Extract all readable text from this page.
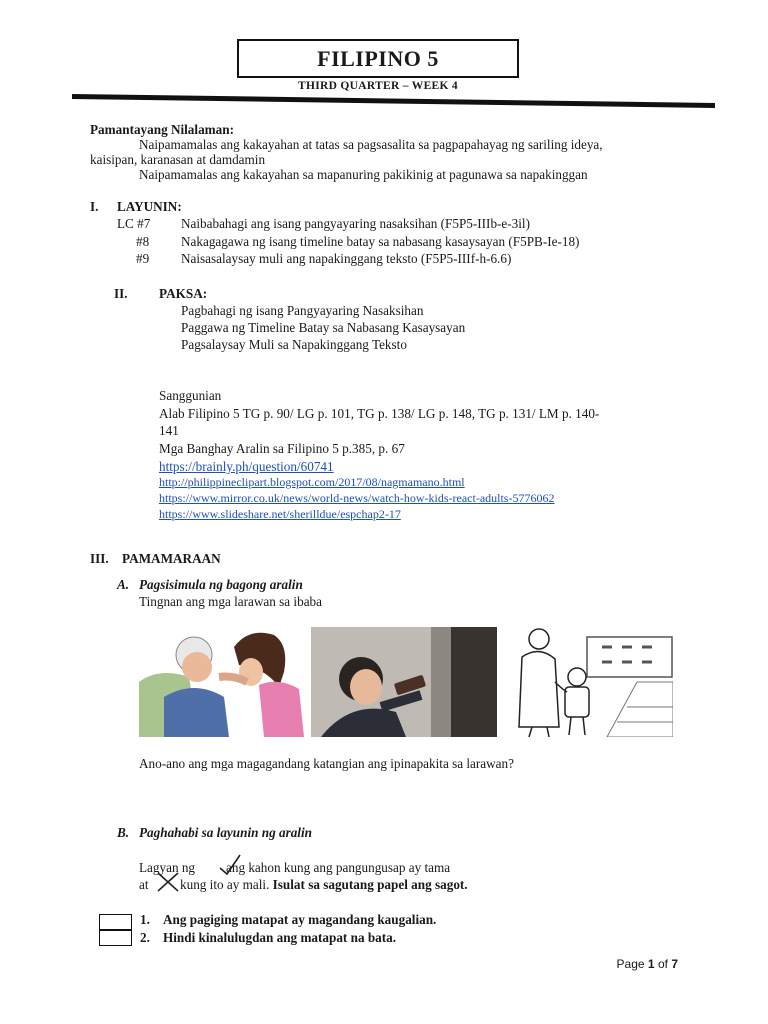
FILIPINO 5
THIRD QUARTER – WEEK 4
Pamantayang Nilalaman:
Naipamamalas ang kakayahan at tatas sa pagsasalita sa pagpapahayag ng sariling ideya,
kaisipan, karanasan at damdamin
Naipamamalas ang kakayahan sa mapanuring pakikinig at pagunawa sa napakinggan
I. LAYUNIN:
LC #7 Naibabahagi ang isang pangyayaring nasaksihan (F5P5-IIIb-e-3il)
#8 Nakagagawa ng isang timeline batay sa nabasang kasaysayan (F5PB-Ie-18)
#9 Naisasalaysay muli ang napakinggang teksto (F5P5-IIIf-h-6.6)
II. PAKSA:
Pagbahagi ng isang Pangyayaring Nasaksihan
Paggawa ng Timeline Batay sa Nabasang Kasaysayan
Pagsalaysay Muli sa Napakinggang Teksto
Sanggunian
Alab Filipino 5 TG p. 90/ LG p. 101, TG p. 138/ LG p. 148, TG p. 131/ LM p. 140-
141
Mga Banghay Aralin sa Filipino 5 p.385, p. 67
https://brainly.ph/question/60741
http://philippineclipart.blogspot.com/2017/08/nagmamano.html
https://www.mirror.co.uk/news/world-news/watch-how-kids-react-adults-5776062
https://www.slideshare.net/sherilldue/espchap2-17
III. PAMAMARAAN
A. Pagsisimula ng bagong aralin
Tingnan ang mga larawan sa ibaba
Ano-ano ang mga magagandang katangian ang ipinapakita sa larawan?
B. Paghahabi sa layunin ng aralin
Lagyan ng ang kahon kung ang pangungusap ay tama
at kung ito ay mali. Isulat sa sagutang papel ang sagot.
1. Ang pagiging matapat ay magandang kaugalian.
2. Hindi kinalulugdan ang matapat na bata.
Page 1 of 7
